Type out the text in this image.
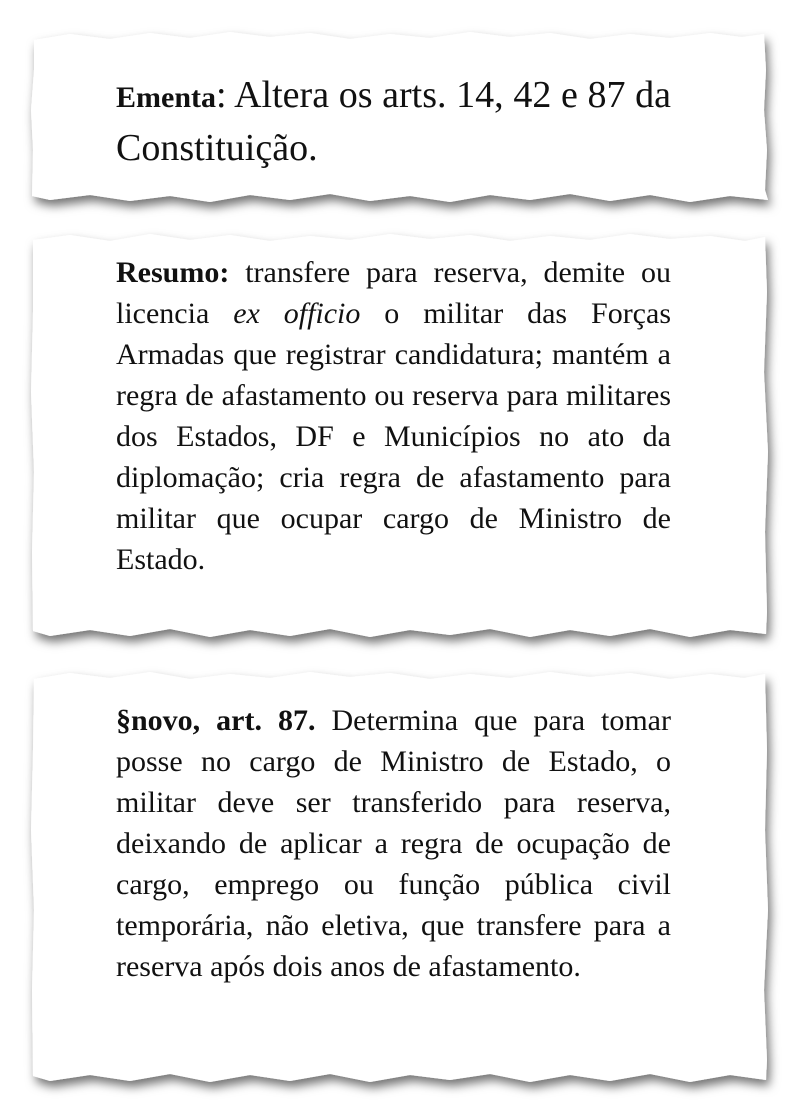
Ementa: Altera os arts. 14, 42 e 87 da Constituição.
Resumo: transfere para reserva, demite ou licencia ex officio o militar das Forças Armadas que registrar candidatura; mantém a regra de afastamento ou reserva para militares dos Estados, DF e Municípios no ato da diplomação; cria regra de afastamento para militar que ocupar cargo de Ministro de Estado.
§novo, art. 87. Determina que para tomar posse no cargo de Ministro de Estado, o militar deve ser transferido para reserva, deixando de aplicar a regra de ocupação de cargo, emprego ou função pública civil temporária, não eletiva, que transfere para a reserva após dois anos de afastamento.
